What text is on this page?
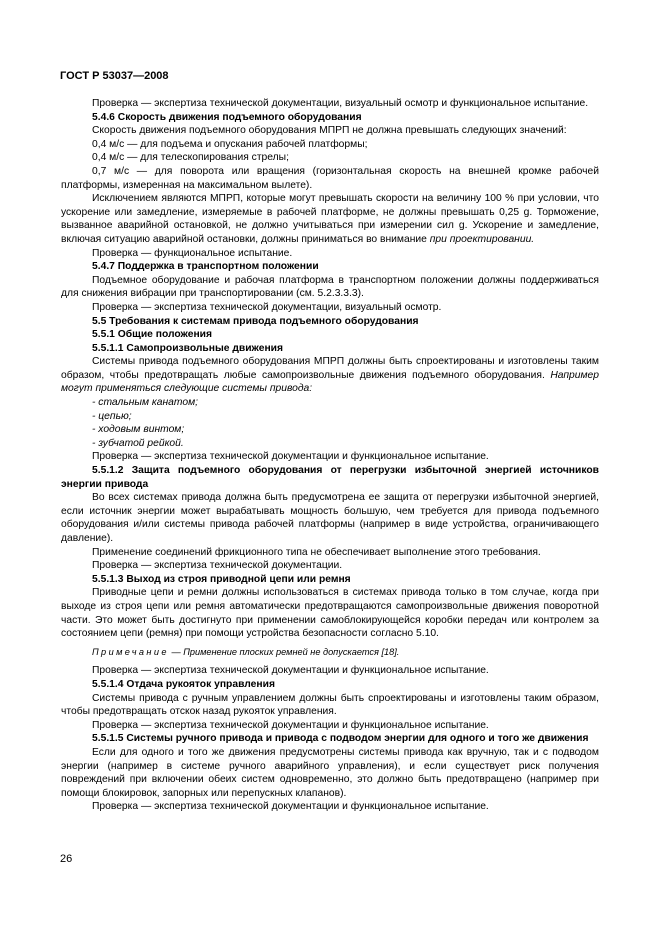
ГОСТ Р 53037—2008

Проверка — экспертиза технической документации, визуальный осмотр и функциональное испытание.

5.4.6 Скорость движения подъемного оборудования

Скорость движения подъемного оборудования МПРП не должна превышать следующих значений:

0,4 м/с — для подъема и опускания рабочей платформы;

0,4 м/с — для телескопирования стрелы;

0,7 м/с — для поворота или вращения (горизонтальная скорость на внешней кромке рабочей платформы, измеренная на максимальном вылете).

Исключением являются МПРП, которые могут превышать скорости на величину 100 % при условии, что ускорение или замедление, измеряемые в рабочей платформе, не должны превышать 0,25 g. Торможение, вызванное аварийной остановкой, не должно учитываться при измерении сил g. Ускорение и замедление, включая ситуацию аварийной остановки, должны приниматься во внимание при проектировании.

Проверка — функциональное испытание.

5.4.7 Поддержка в транспортном положении

Подъемное оборудование и рабочая платформа в транспортном положении должны поддерживаться для снижения вибрации при транспортировании (см. 5.2.3.3.3).

Проверка — экспертиза технической документации, визуальный осмотр.

5.5 Требования к системам привода подъемного оборудования

5.5.1 Общие положения

5.5.1.1 Самопроизвольные движения

Системы привода подъемного оборудования МПРП должны быть спроектированы и изготовлены таким образом, чтобы предотвращать любые самопроизвольные движения подъемного оборудования. Например могут применяться следующие системы привода:

- стальным канатом;

- цепью;

- ходовым винтом;

- зубчатой рейкой.

Проверка — экспертиза технической документации и функциональное испытание.

5.5.1.2 Защита подъемного оборудования от перегрузки избыточной энергией источников энергии привода

Во всех системах привода должна быть предусмотрена ее защита от перегрузки избыточной энергией, если источник энергии может вырабатывать мощность большую, чем требуется для привода подъемного оборудования и/или системы привода рабочей платформы (например в виде устройства, ограничивающего давление).

Применение соединений фрикционного типа не обеспечивает выполнение этого требования.

Проверка — экспертиза технической документации.

5.5.1.3 Выход из строя приводной цепи или ремня

Приводные цепи и ремни должны использоваться в системах привода только в том случае, когда при выходе из строя цепи или ремня автоматически предотвращаются самопроизвольные движения поворотной части. Это может быть достигнуто при применении самоблокирующейся коробки передач или контролем за состоянием цепи (ремня) при помощи устройства безопасности согласно 5.10.

Примечание — Применение плоских ремней не допускается [18].

Проверка — экспертиза технической документации и функциональное испытание.

5.5.1.4 Отдача рукояток управления

Системы привода с ручным управлением должны быть спроектированы и изготовлены таким образом, чтобы предотвращать отскок назад рукояток управления.

Проверка — экспертиза технической документации и функциональное испытание.

5.5.1.5 Системы ручного привода и привода с подводом энергии для одного и того же движения

Если для одного и того же движения предусмотрены системы привода как вручную, так и с подводом энергии (например в системе ручного аварийного управления), и если существует риск получения повреждений при включении обеих систем одновременно, это должно быть предотвращено (например при помощи блокировок, запорных или перепускных клапанов).

Проверка — экспертиза технической документации и функциональное испытание.

26
